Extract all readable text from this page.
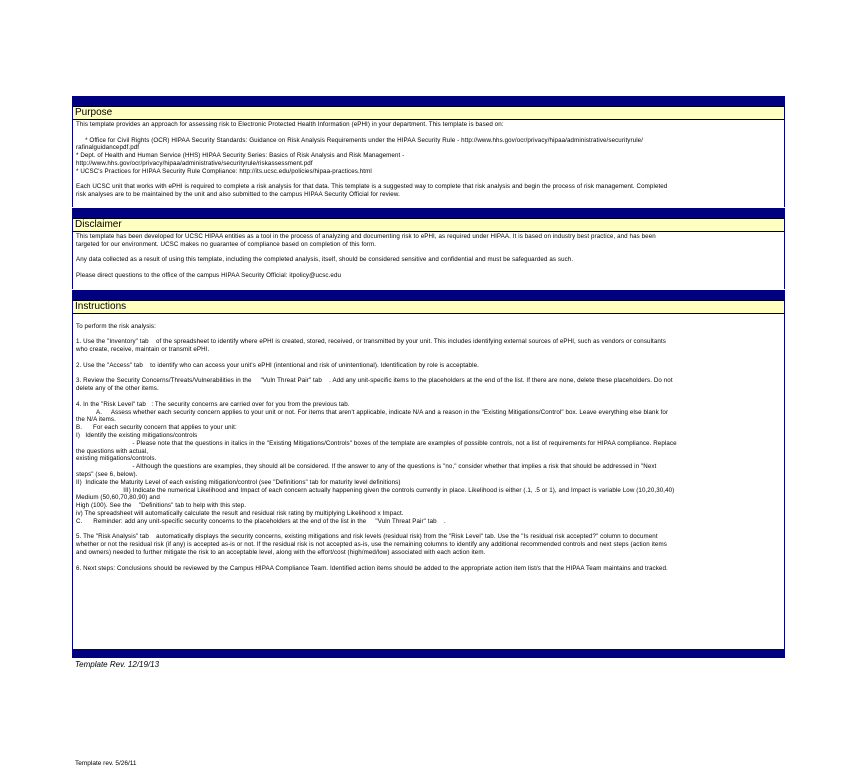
Purpose

This template provides an approach for assessing risk to Electronic Protected Health Information (ePHI) in your department. This template is based on:

* Office for Civil Rights (OCR) HIPAA Security Standards: Guidance on Risk Analysis Requirements under the HIPAA Security Rule - http://www.hhs.gov/ocr/privacy/hipaa/administrative/securityrule/

rafinalguidancepdf.pdf

* Dept. of Health and Human Service (HHS) HIPAA Security Series: Basics of Risk Analysis and Risk Management -

http://www.hhs.gov/ocr/privacy/hipaa/administrative/securityrule/riskassessment.pdf

* UCSC's Practices for HIPAA Security Rule Compliance: http://its.ucsc.edu/policies/hipaa-practices.html

Each UCSC unit that works with ePHI is required to complete a risk analysis for that data. This template is a suggested way to complete that risk analysis and begin the process of risk management. Completed

risk analyses are to be maintained by the unit and also submitted to the campus HIPAA Security Official for review.

Disclaimer

This template has been developed for UCSC HIPAA entities as a tool in the process of analyzing and documenting risk to ePHI, as required under HIPAA. It is based on industry best practice, and has been

targeted for our environment. UCSC makes no guarantee of compliance based on completion of this form.

Any data collected as a result of using this template, including the completed analysis, itself, should be considered sensitive and confidential and must be safeguarded as such.

Please direct questions to the office of the campus HIPAA Security Official: itpolicy@ucsc.edu

Instructions

To perform the risk analysis:

1. Use the "Inventory" tab    of the spreadsheet to identify where ePHI is created, stored, received, or transmitted by your unit. This includes identifying external sources of ePHI, such as vendors or consultants

who create, receive, maintain or transmit ePHI.

2. Use the "Access" tab    to identify who can access your unit's ePHI (intentional and risk of unintentional). Identification by role is acceptable.

3. Review the Security Concerns/Threats/Vulnerabilities in the     "Vuln Threat Pair" tab    . Add any unit-specific items to the placeholders at the end of the list. If there are none, delete these placeholders. Do not

delete any of the other items.

4. In the "Risk Level" tab   : The security concerns are carried over for you from the previous tab.

A.     Assess whether each security concern applies to your unit or not. For items that aren't applicable, indicate N/A and a reason in the "Existing Mitigations/Control" box. Leave everything else blank for

the N/A items.

B.      For each security concern that applies to your unit:

I)   Identify the existing mitigations/controls

- Please note that the questions in italics in the "Existing Mitigations/Controls" boxes of the template are examples of possible controls, not a list of requirements for HIPAA compliance. Replace

the questions with actual,

existing mitigations/controls.

- Although the questions are examples, they should all be considered. If the answer to any of the questions is "no," consider whether that implies a risk that should be addressed in "Next

steps" (see 6, below).

II)  Indicate the Maturity Level of each existing mitigation/control (see "Definitions" tab for maturity level definitions)

III) Indicate the numerical Likelihood and Impact of each concern actually happening given the controls currently in place. Likelihood is either (.1, .5 or 1), and Impact is variable Low (10,20,30,40)

Medium (50,60,70,80,90) and

High (100). See the    "Definitions" tab to help with this step.

iv) The spreadsheet will automatically calculate the result and residual risk rating by multiplying Likelihood x Impact.

C.      Reminder: add any unit-specific security concerns to the placeholders at the end of the list in the     "Vuln Threat Pair" tab    .

5. The "Risk Analysis" tab    automatically displays the security concerns, existing mitigations and risk levels (residual risk) from the "Risk Level" tab. Use the "Is residual risk accepted?" column to document

whether or not the residual risk (if any) is accepted as-is or not. If the residual risk is not accepted as-is, use the remaining columns to identify any additional recommended controls and next steps (action items

and owners) needed to further mitigate the risk to an acceptable level, along with the effort/cost (high/med/low) associated with each action item.

6. Next steps: Conclusions should be reviewed by the Campus HIPAA Compliance Team. Identified action items should be added to the appropriate action item list/s that the HIPAA Team maintains and tracked.

Template Rev. 12/19/13
Template rev. 5/26/11
